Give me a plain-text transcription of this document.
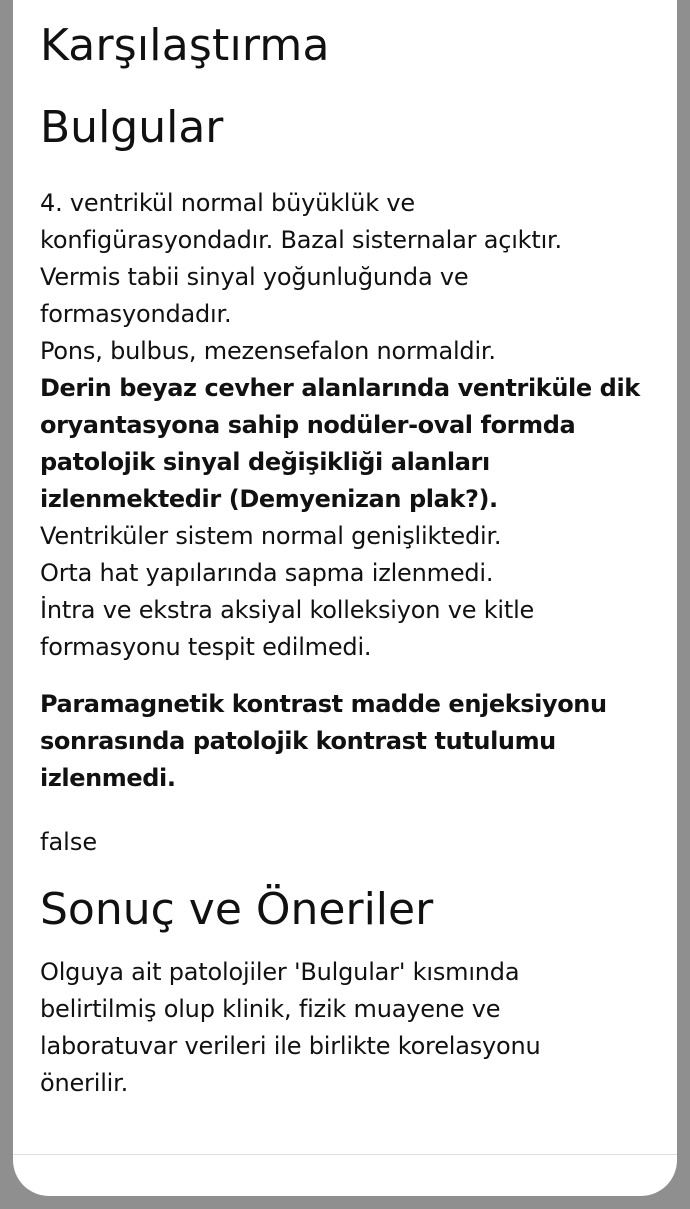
Karşılaştırma
Bulgular
4. ventrikül normal büyüklük ve
konfigürasyondadır. Bazal sisternalar açıktır.
Vermis tabii sinyal yoğunluğunda ve
formasyondadır.
Pons, bulbus, mezensefalon normaldir.
Derin beyaz cevher alanlarında ventriküle dik
oryantasyona sahip nodüler-oval formda
patolojik sinyal değişikliği alanları
izlenmektedir (Demyenizan plak?).
Ventriküler sistem normal genişliktedir.
Orta hat yapılarında sapma izlenmedi.
İntra ve ekstra aksiyal kolleksiyon ve kitle
formasyonu tespit edilmedi.
Paramagnetik kontrast madde enjeksiyonu
sonrasında patolojik kontrast tutulumu
izlenmedi.
false
Sonuç ve Öneriler
Olguya ait patolojiler 'Bulgular' kısmında
belirtilmiş olup klinik, fizik muayene ve
laboratuvar verileri ile birlikte korelasyonu
önerilir.
